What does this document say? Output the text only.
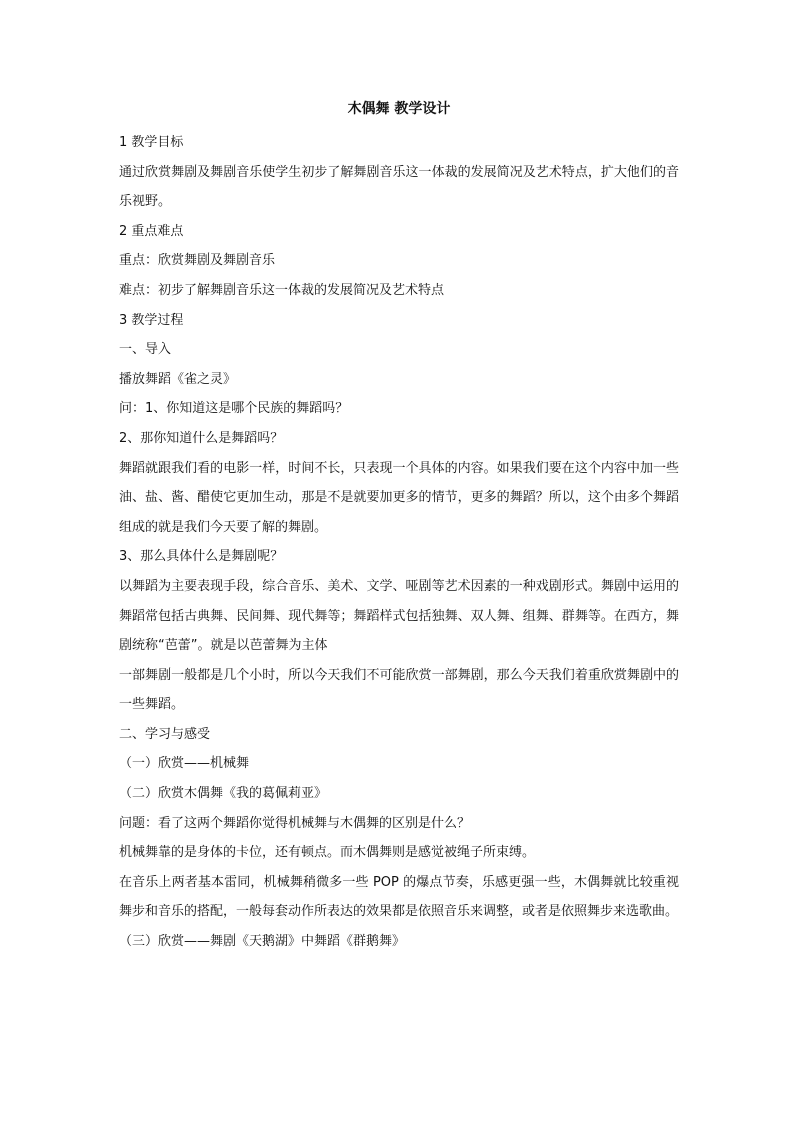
木偶舞 教学设计

1 教学目标

通过欣赏舞剧及舞剧音乐使学生初步了解舞剧音乐这一体裁的发展简况及艺术特点，扩大他们的音乐视野。

2 重点难点

重点：欣赏舞剧及舞剧音乐

难点：初步了解舞剧音乐这一体裁的发展简况及艺术特点

3 教学过程

一、导入

播放舞蹈《雀之灵》

问：1、你知道这是哪个民族的舞蹈吗？

2、那你知道什么是舞蹈吗？

舞蹈就跟我们看的电影一样，时间不长，只表现一个具体的内容。如果我们要在这个内容中加一些油、盐、酱、醋使它更加生动，那是不是就要加更多的情节，更多的舞蹈？所以，这个由多个舞蹈组成的就是我们今天要了解的舞剧。

3、那么具体什么是舞剧呢？

以舞蹈为主要表现手段，综合音乐、美术、文学、哑剧等艺术因素的一种戏剧形式。舞剧中运用的舞蹈常包括古典舞、民间舞、现代舞等；舞蹈样式包括独舞、双人舞、组舞、群舞等。在西方，舞剧统称“芭蕾”。就是以芭蕾舞为主体

一部舞剧一般都是几个小时，所以今天我们不可能欣赏一部舞剧，那么今天我们着重欣赏舞剧中的一些舞蹈。

二、学习与感受

（一）欣赏——机械舞

（二）欣赏木偶舞《我的葛佩莉亚》

问题：看了这两个舞蹈你觉得机械舞与木偶舞的区别是什么？

机械舞靠的是身体的卡位，还有顿点。而木偶舞则是感觉被绳子所束缚。

在音乐上两者基本雷同，机械舞稍微多一些 POP 的爆点节奏，乐感更强一些，木偶舞就比较重视舞步和音乐的搭配，一般每套动作所表达的效果都是依照音乐来调整，或者是依照舞步来选歌曲。

（三）欣赏——舞剧《天鹅湖》中舞蹈《群鹅舞》
